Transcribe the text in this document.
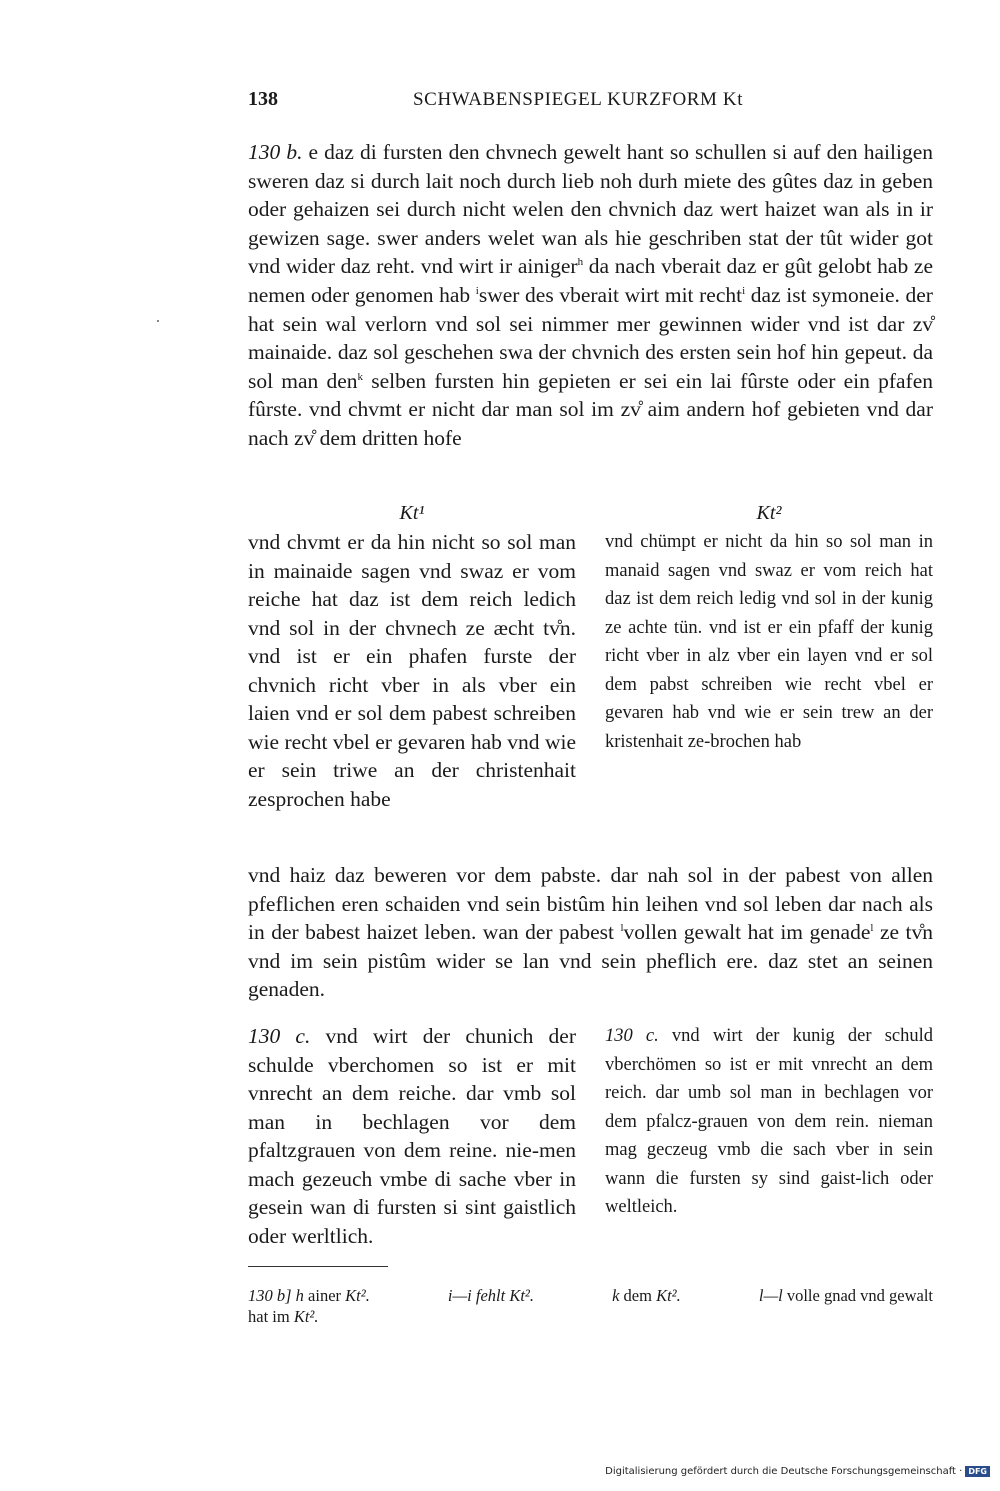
138	SCHWABENSPIEGEL KURZFORM Kt

130 b. e daz di fursten den chvnech gewelt hant so schullen si auf den hailigen sweren daz si durch lait noch durch lieb noh durh miete des gûtes daz in geben oder gehaizen sei durch nicht welen den chvnich daz wert haizet wan als in ir gewizen sage. swer anders welet wan als hie geschriben stat der tût wider got vnd wider daz reht. vnd wirt ir ainiger$^h$ da nach vberait daz er gût gelobt hab ze nemen oder genomen hab $^i$swer des vberait wirt mit recht$^i$ daz ist symoneie. der hat sein wal verlorn vnd sol sei nimmer mer gewinnen wider vnd ist dar zv̊ mainaide. daz sol geschehen swa der chvnich des ersten sein hof hin gepeut. da sol man den$^k$ selben fursten hin gepieten er sei ein lai fûrste oder ein pfafen fûrste. vnd chvmt er nicht dar man sol im zv̊ aim andern hof gebieten vnd dar nach zv̊ dem dritten hofe

Kt¹

vnd chvmt er da hin nicht so sol man in mainaide sagen vnd swaz er vom reiche hat daz ist dem reich ledich vnd sol in der chvnech ze æcht tv̊n. vnd ist er ein phafen furste der chvnich richt vber in als vber ein laien vnd er sol dem pabest schreiben wie recht vbel er gevaren hab vnd wie er sein triwe an der christenhait zesprochen habe

Kt²

vnd chümpt er nicht da hin so sol man in manaid sagen vnd swaz er vom reich hat daz ist dem reich ledig vnd sol in der kunig ze achte tün. vnd ist er ein pfaff der kunig richt vber in alz vber ein layen vnd er sol dem pabst schreiben wie recht vbel er gevaren hab vnd wie er sein trew an der kristenhait ze-brochen hab

vnd haiz daz beweren vor dem pabste. dar nah sol in der pabest von allen pfeflichen eren schaiden vnd sein bistûm hin leihen vnd sol leben dar nach als in der babest haizet leben. wan der pabest $^l$vollen gewalt hat im genade$^l$ ze tv̊n vnd im sein pistûm wider se lan vnd sein pheflich ere. daz stet an seinen genaden.

130 c. vnd wirt der chunich der schulde vberchomen so ist er mit vnrecht an dem reiche. dar vmb sol man in bechlagen vor dem pfaltzgrauen von dem reine. nie-men mach gezeuch vmbe di sache vber in gesein wan di fursten si sint gaistlich oder werltlich.

130 c. vnd wirt der kunig der schuld vberchömen so ist er mit vnrecht an dem reich. dar umb sol man in bechlagen vor dem pfalcz-grauen von dem rein. nieman mag geczeug vmb die sach vber in sein wann die fursten sy sind gaist-lich oder weltleich.

130 b] h ainer Kt².	i—i fehlt Kt².	k dem Kt².	l—l volle gnad vnd gewalt
hat im Kt².
Digitalisierung gefördert durch die Deutsche Forschungsgemeinschaft · DFG
